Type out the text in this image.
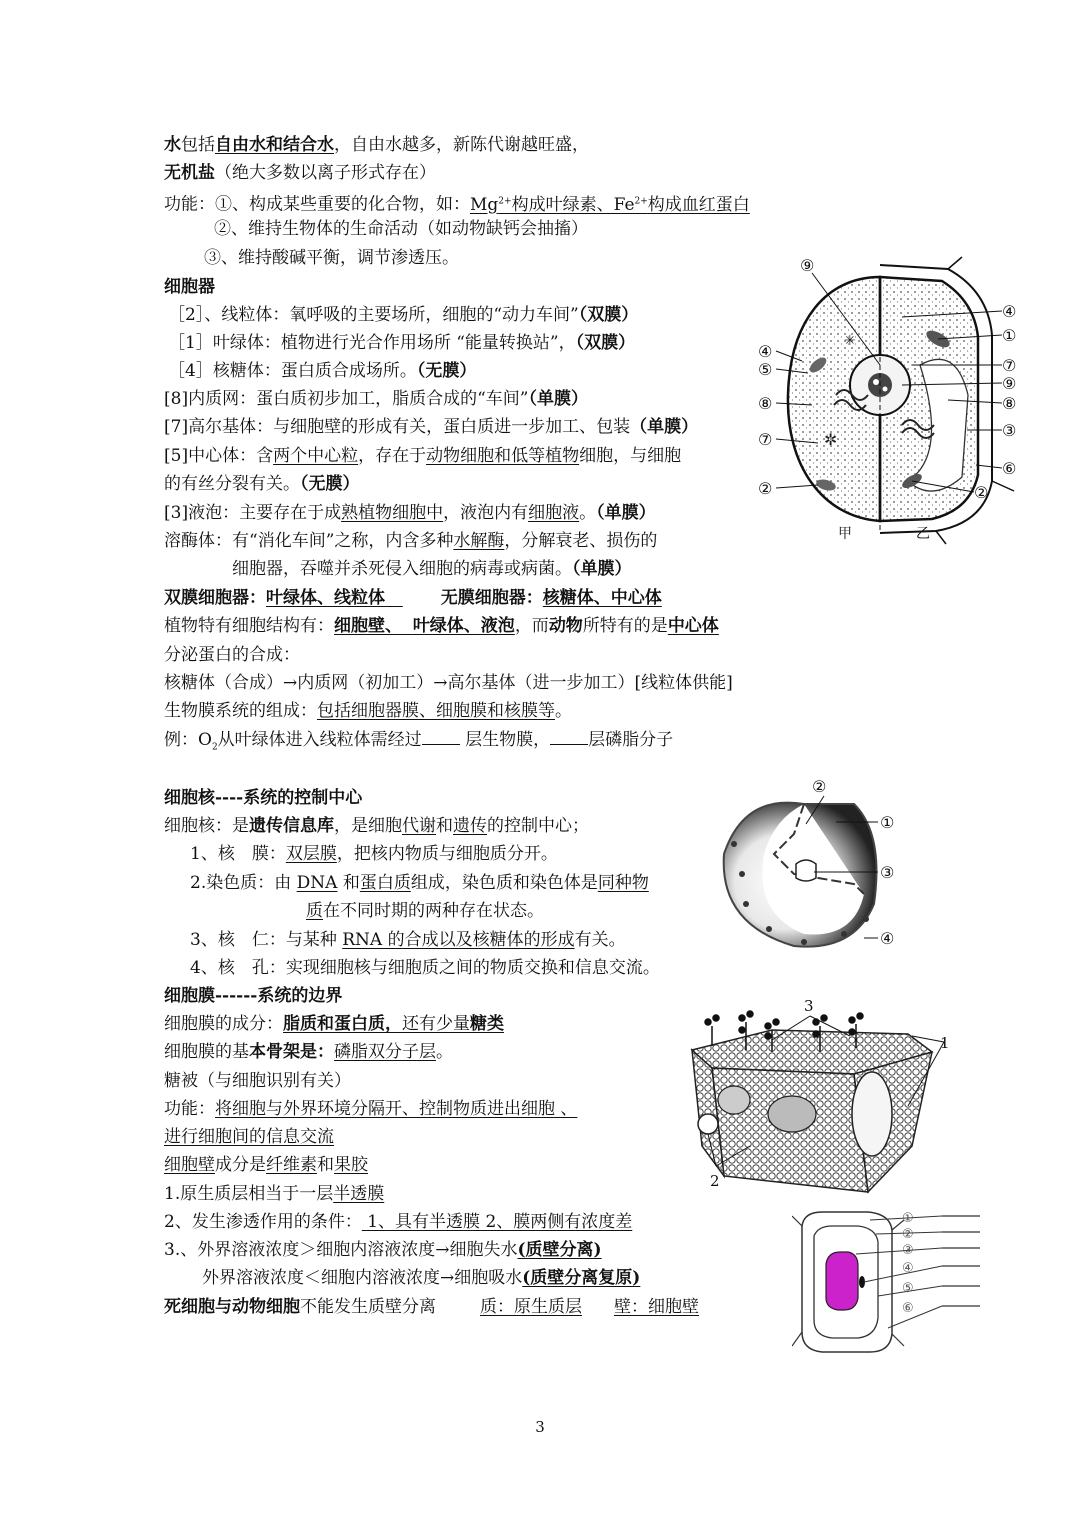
水包括自由水和结合水，自由水越多，新陈代谢越旺盛，
无机盐（绝大多数以离子形式存在）
功能：①、构成某些重要的化合物，如：$Mg^{2+}$构成叶绿素、$Fe^{2+}$构成血红蛋白
②、维持生物体的生命活动（如动物缺钙会抽搐）
③、维持酸碱平衡，调节渗透压。
细胞器
［2］、线粒体：氧呼吸的主要场所，细胞的“动力车间”（双膜）
［1］叶绿体：植物进行光合作用场所 “能量转换站”，（双膜）
［4］核糖体：蛋白质合成场所。（无膜）
[8]内质网：蛋白质初步加工，脂质合成的“车间”（单膜）
[7]高尔基体：与细胞壁的形成有关，蛋白质进一步加工、包装（单膜）
[5]中心体：含两个中心粒，存在于动物细胞和低等植物细胞，与细胞
的有丝分裂有关。（无膜）
[3]液泡：主要存在于成熟植物细胞中，液泡内有细胞液。（单膜）
溶酶体：有“消化车间”之称，内含多种水解酶，分解衰老、损伤的
细胞器，吞噬并杀死侵入细胞的病毒或病菌。（单膜）
双膜细胞器：叶绿体、线粒体	无膜细胞器：核糖体、中心体
植物特有细胞结构有：细胞壁、 叶绿体、液泡，而动物所特有的是中心体
分泌蛋白的合成：
核糖体（合成）→内质网（初加工）→高尔基体（进一步加工）[线粒体供能]
生物膜系统的组成：包括细胞器膜、细胞膜和核膜等。
例：$O_2$从叶绿体进入线粒体需经过 层生物膜， 层磷脂分子
细胞核----系统的控制中心
细胞核：是遗传信息库，是细胞代谢和遗传的控制中心；
1、核　膜：双层膜，把核内物质与细胞质分开。
2.染色质：由 DNA 和蛋白质组成，染色质和染色体是同种物
质在不同时期的两种存在状态。
3、核　仁：与某种 RNA 的合成以及核糖体的形成有关。
4、核　孔：实现细胞核与细胞质之间的物质交换和信息交流。
细胞膜------系统的边界
细胞膜的成分：脂质和蛋白质，还有少量糖类
细胞膜的基本骨架是：磷脂双分子层。
糖被（与细胞识别有关）
功能：将细胞与外界环境分隔开、控制物质进出细胞 、
进行细胞间的信息交流
细胞壁成分是纤维素和果胶
1.原生质层相当于一层半透膜
2、发生渗透作用的条件： 1、具有半透膜 2、膜两侧有浓度差
3.、外界溶液浓度＞细胞内溶液浓度→细胞失水(质壁分离)
外界溶液浓度＜细胞内溶液浓度→细胞吸水(质壁分离复原)
死细胞与动物细胞不能发生质壁分离	质：原生质层 壁：细胞壁
✲
✳
⑨
④
①
⑦
⑨
⑧
③
⑥
②
④
⑤
⑧
⑦
②
甲	乙
②
①
③
④
3
1
2
①
②
③
④
⑤
⑥
3
